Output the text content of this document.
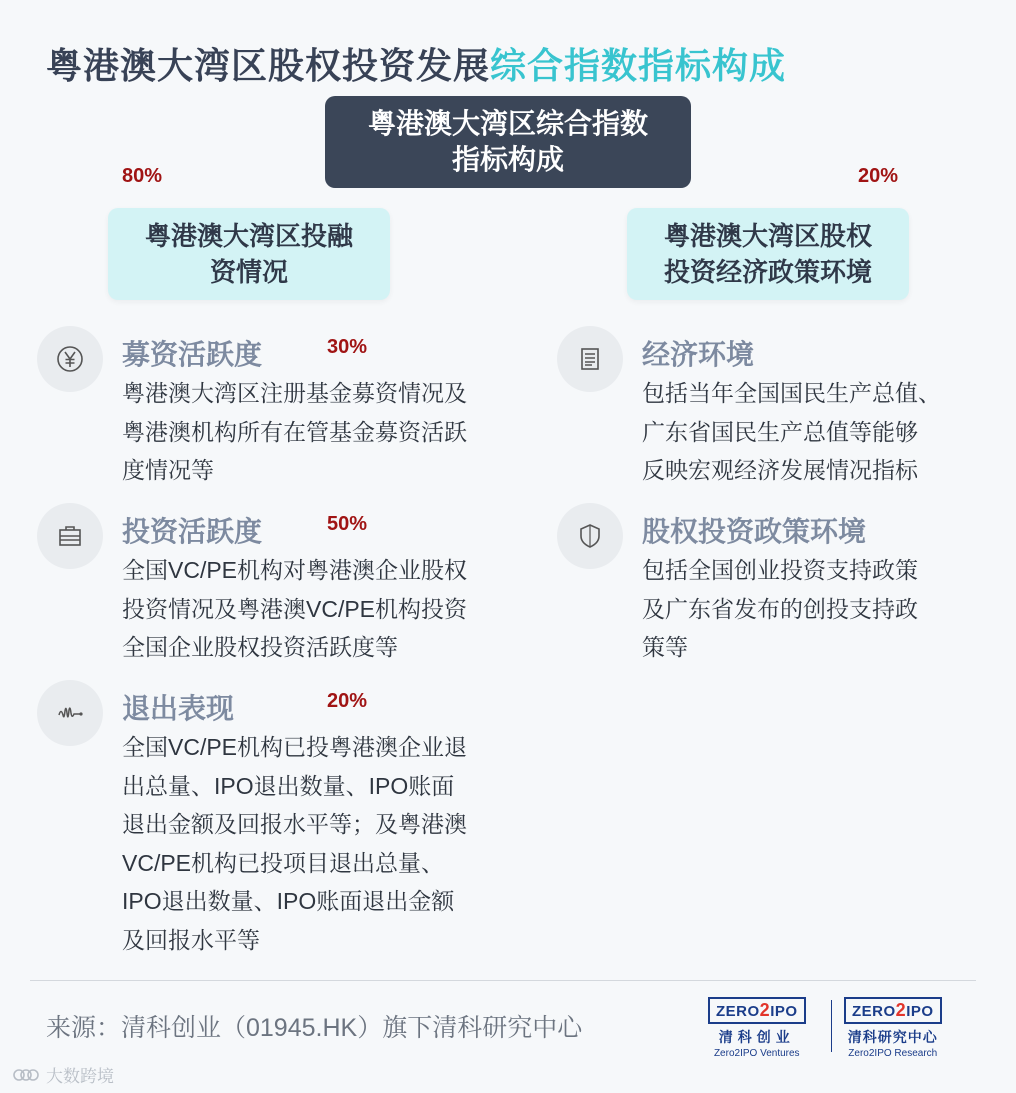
粤港澳大湾区股权投资发展综合指数指标构成
粤港澳大湾区综合指数
指标构成
80%
粤港澳大湾区投融
资情况
20%
粤港澳大湾区股权
投资经济政策环境
募资活跃度	30%
粤港澳大湾区注册基金募资情况及
粤港澳机构所有在管基金募资活跃
度情况等
投资活跃度	50%
全国VC/PE机构对粤港澳企业股权
投资情况及粤港澳VC/PE机构投资
全国企业股权投资活跃度等
退出表现	20%
全国VC/PE机构已投粤港澳企业退
出总量、IPO退出数量、IPO账面
退出金额及回报水平等；及粤港澳
VC/PE机构已投项目退出总量、
IPO退出数量、IPO账面退出金额
及回报水平等
经济环境
包括当年全国国民生产总值、
广东省国民生产总值等能够
反映宏观经济发展情况指标
股权投资政策环境
包括全国创业投资支持政策
及广东省发布的创投支持政
策等
来源：清科创业（01945.HK）旗下清科研究中心
ZERO2IPO
清科创业
Zero2IPO Ventures
ZERO2IPO
清科研究中心
Zero2IPO Research
大数跨境
